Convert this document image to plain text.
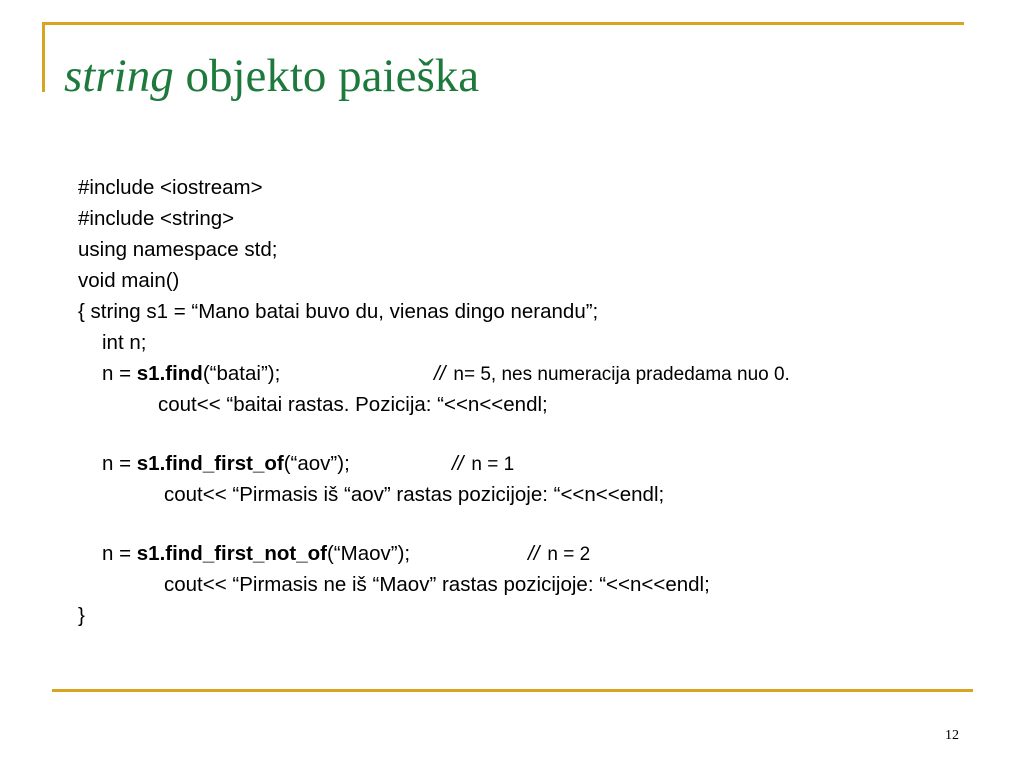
string objekto paieška
#include <iostream>
#include <string>
using namespace std;
void main()
{ string s1 = “Mano batai buvo du, vienas dingo nerandu”;
int n;
n = s1.find(“batai”);	// n= 5, nes numeracija pradedama nuo 0.
cout<< “baitai rastas. Pozicija: “<<n<<endl;
n = s1.find_first_of(“aov”);	// n = 1
cout<< “Pirmasis iš “aov” rastas pozicijoje: “<<n<<endl;
n = s1.find_first_not_of(“Maov”);	// n = 2
cout<< “Pirmasis ne iš “Maov” rastas pozicijoje: “<<n<<endl;
}
12
